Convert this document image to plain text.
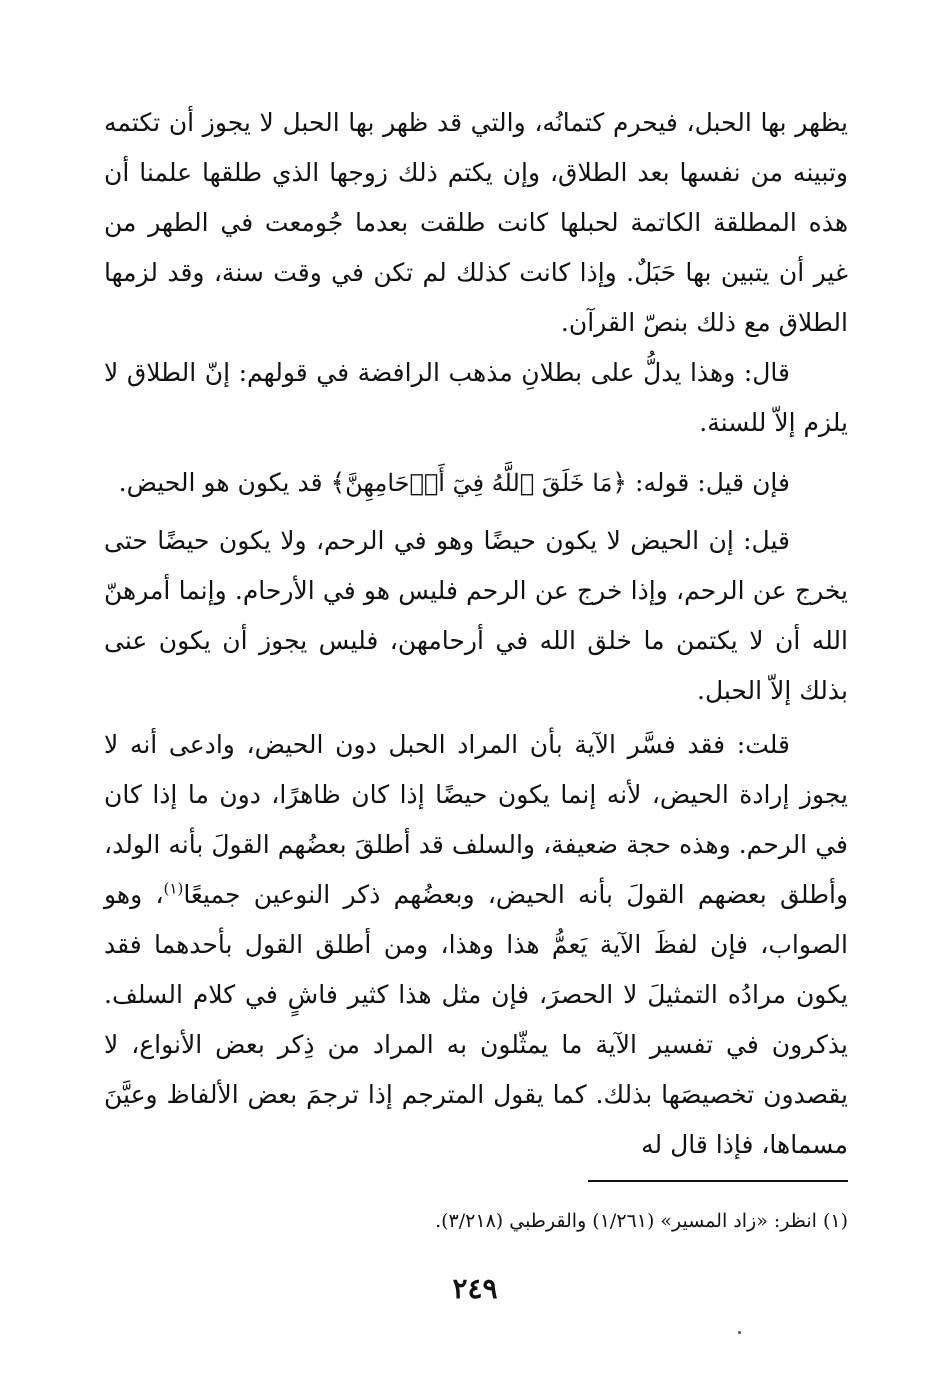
يظهر بها الحبل، فيحرم كتمانُه، والتي قد ظهر بها الحبل لا يجوز أن تكتمه وتبينه من نفسها بعد الطلاق، وإن يكتم ذلك زوجها الذي طلقها علمنا أن هذه المطلقة الكاتمة لحبلها كانت طلقت بعدما جُومعت في الطهر من غير أن يتبين بها حَبَلٌ. وإذا كانت كذلك لم تكن في وقت سنة، وقد لزمها الطلاق مع ذلك بنصّ القرآن.

قال: وهذا يدلُّ على بطلانِ مذهب الرافضة في قولهم: إنّ الطلاق لا يلزم إلاّ للسنة.

فإن قيل: قوله: ﴿مَا خَلَقَ ٱللَّهُ فِيٓ أَرۡحَامِهِنَّ﴾ قد يكون هو الحيض.

قيل: إن الحيض لا يكون حيضًا وهو في الرحم، ولا يكون حيضًا حتى يخرج عن الرحم، وإذا خرج عن الرحم فليس هو في الأرحام. وإنما أمرهنّ الله أن لا يكتمن ما خلق الله في أرحامهن، فليس يجوز أن يكون عنى بذلك إلاّ الحبل.

قلت: فقد فسَّر الآية بأن المراد الحبل دون الحيض، وادعى أنه لا يجوز إرادة الحيض، لأنه إنما يكون حيضًا إذا كان ظاهرًا، دون ما إذا كان في الرحم. وهذه حجة ضعيفة، والسلف قد أطلقَ بعضُهم القولَ بأنه الولد، وأطلق بعضهم القولَ بأنه الحيض، وبعضُهم ذكر النوعين جميعًا$^{(١)}$، وهو الصواب، فإن لفظَ الآية يَعمُّ هذا وهذا، ومن أطلق القول بأحدهما فقد يكون مرادُه التمثيلَ لا الحصرَ، فإن مثل هذا كثير فاشٍ في كلام السلف. يذكرون في تفسير الآية ما يمثّلون به المراد من ذِكر بعض الأنواع، لا يقصدون تخصيصَها بذلك. كما يقول المترجم إذا ترجمَ بعض الألفاظ وعيَّنَ مسماها، فإذا قال له

(١) انظر: «زاد المسير» (١/٢٦١) والقرطبي (٣/٢١٨).

٢٤٩
